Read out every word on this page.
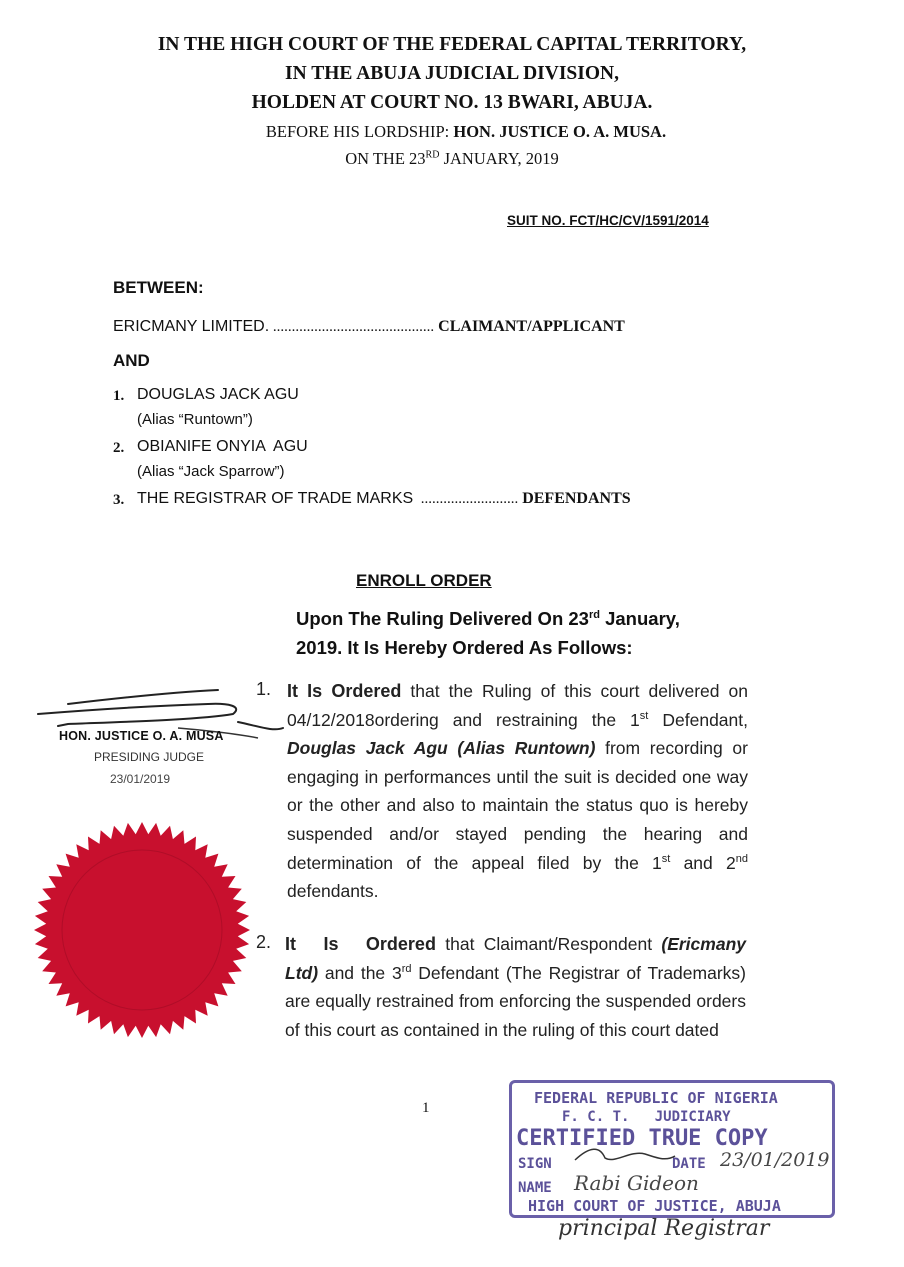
IN THE HIGH COURT OF THE FEDERAL CAPITAL TERRITORY,
IN THE ABUJA JUDICIAL DIVISION,
HOLDEN AT COURT NO. 13 BWARI, ABUJA.
BEFORE HIS LORDSHIP: HON. JUSTICE O. A. MUSA.
ON THE 23RD JANUARY, 2019
SUIT NO. FCT/HC/CV/1591/2014
BETWEEN:
ERICMANY LIMITED. ........................................... CLAIMANT/APPLICANT
AND
1. DOUGLAS JACK AGU
(Alias “Runtown”)
2. OBIANIFE ONYIA  AGU
(Alias “Jack Sparrow”)
3. THE REGISTRAR OF TRADE MARKS  .......................... DEFENDANTS
ENROLL ORDER
Upon The Ruling Delivered On 23rd January,
2019. It Is Hereby Ordered As Follows:
1. It Is Ordered that the Ruling of this court delivered on 04/12/2018ordering and restraining the 1st Defendant, Douglas Jack Agu (Alias Runtown) from recording or engaging in performances until the suit is decided one way or the other and also to maintain the status quo is hereby suspended and/or stayed pending the hearing and determination of the appeal filed by the 1st and 2nd defendants.
2. It Is Ordered that Claimant/Respondent (Ericmany Ltd) and the 3rd Defendant (The Registrar of Trademarks) are equally restrained from enforcing the suspended orders of this court as contained in the ruling of this court dated
HON. JUSTICE O. A. MUSA
PRESIDING JUDGE
23/01/2019
1
FEDERAL REPUBLIC OF NIGERIA
F. C. T.   JUDICIARY
CERTIFIED TRUE COPY
SIGN	DATE 23/01/2019
NAME Rabi Gideon
HIGH COURT OF JUSTICE, ABUJA
principal Registrar
